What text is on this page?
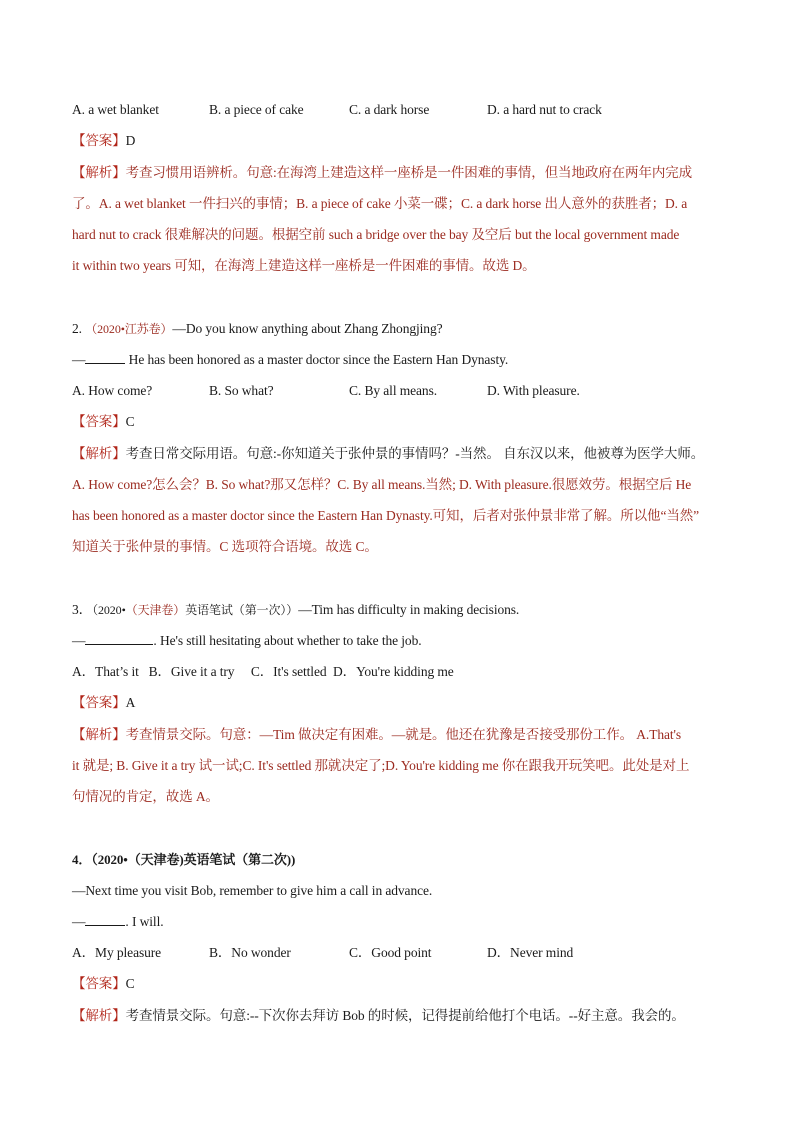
A. a wet blanket	B. a piece of cake	C. a dark horse	D. a hard nut to crack
【答案】D
【解析】考查习惯用语辨析。句意:在海湾上建造这样一座桥是一件困难的事情，但当地政府在两年内完成
了。A. a wet blanket 一件扫兴的事情；B. a piece of cake 小菜一碟；C. a dark horse 出人意外的获胜者；D. a
hard nut to crack 很难解决的问题。根据空前 such a bridge over the bay 及空后 but the local government made
it within two years 可知，在海湾上建造这样一座桥是一件困难的事情。故选 D。
2. （2020•江苏卷）—Do you know anything about Zhang Zhongjing?
—	He has been honored as a master doctor since the Eastern Han Dynasty.
A. How come?	B. So what?	C. By all means.	D. With pleasure.
【答案】C
【解析】考查日常交际用语。句意:-你知道关于张仲景的事情吗？-当然。 自东汉以来，他被尊为医学大师。
A. How come?怎么会？B. So what?那又怎样？C. By all means.当然; D. With pleasure.很愿效劳。根据空后 He
has been honored as a master doctor since the Eastern Han Dynasty.可知，后者对张仲景非常了解。所以他“当然”
知道关于张仲景的事情。C 选项符合语境。故选 C。
3．（2020•（天津卷）英语笔试（第一次））—Tim has difficulty in making decisions.
—	. He's still hesitating about whether to take the job.
A．That’s it   B．Give it a try     C．It's settled  D．You're kidding me
【答案】A
【解析】考查情景交际。句意：—Tim 做决定有困难。—就是。他还在犹豫是否接受那份工作。 A.That's
it 就是; B. Give it a try 试一试;C. It's settled 那就决定了;D. You're kidding me 你在跟我开玩笑吧。此处是对上
句情况的肯定，故选 A。
4．（2020•（天津卷)英语笔试（第二次))
—Next time you visit Bob, remember to give him a call in advance.
—	. I will.
A．My pleasure	B．No wonder	C．Good point	D．Never mind
【答案】C
【解析】考查情景交际。句意:--下次你去拜访 Bob 的时候，记得提前给他打个电话。--好主意。我会的。
